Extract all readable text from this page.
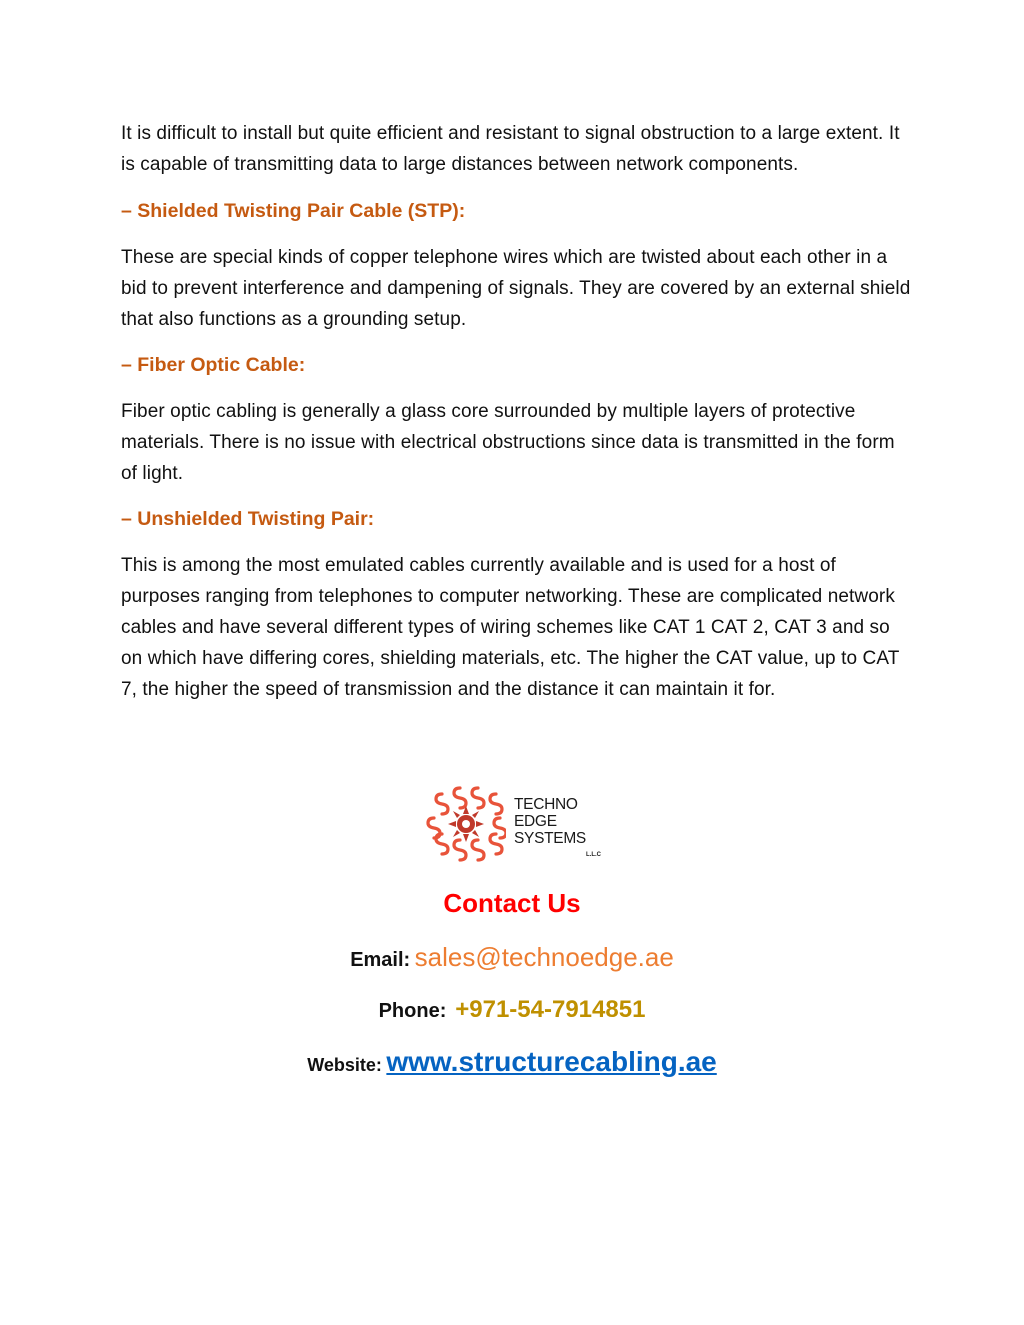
It is difficult to install but quite efficient and resistant to signal obstruction to a large extent. It is capable of transmitting data to large distances between network components.

– Shielded Twisting Pair Cable (STP):

These are special kinds of copper telephone wires which are twisted about each other in a bid to prevent interference and dampening of signals. They are covered by an external shield that also functions as a grounding setup.

– Fiber Optic Cable:

Fiber optic cabling is generally a glass core surrounded by multiple layers of protective materials. There is no issue with electrical obstructions since data is transmitted in the form of light.

– Unshielded Twisting Pair:

This is among the most emulated cables currently available and is used for a host of purposes ranging from telephones to computer networking. These are complicated network cables and have several different types of wiring schemes like CAT 1 CAT 2, CAT 3 and so on which have differing cores, shielding materials, etc. The higher the CAT value, up to CAT 7, the higher the speed of transmission and the distance it can maintain it for.

TECHNO
EDGE
SYSTEMS
L.L.C
Contact Us
Email: sales@technoedge.ae
Phone: +971-54-7914851
Website: www.structurecabling.ae
